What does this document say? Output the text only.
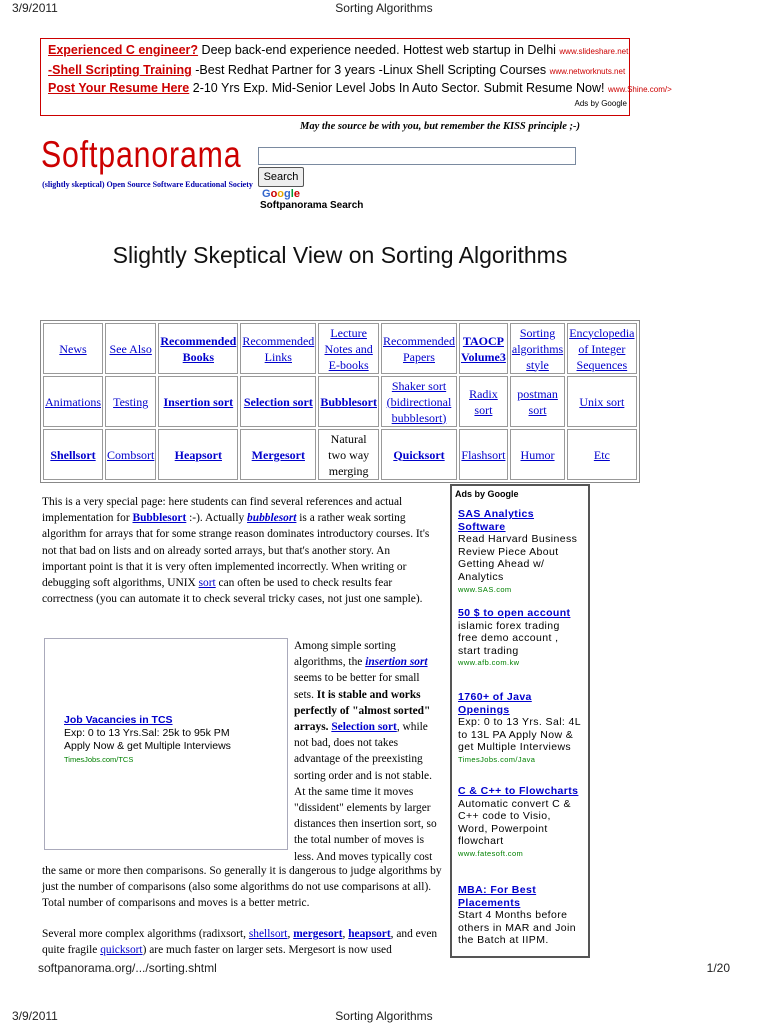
3/9/2011	Sorting Algorithms
Experienced C engineer? Deep back-end experience needed. Hottest web startup in Delhi www.slideshare.net
-Shell Scripting Training -Best Redhat Partner for 3 years -Linux Shell Scripting Courses www.networknuts.net
Post Your Resume Here 2-10 Yrs Exp. Mid-Senior Level Jobs In Auto Sector. Submit Resume Now! www.Shine.com/>
Ads by Google
May the source be with you, but remember the KISS principle ;-)
Softpanorama
(slightly skeptical) Open Source Software Educational Society
Search
Google
Softpanorama Search
Slightly Skeptical View on Sorting Algorithms
News	See Also	Recommended Books	Recommended Links	Lecture Notes and E-books	Recommended Papers	TAOCP Volume3	Sorting algorithms style	Encyclopedia of Integer Sequences
Animations	Testing	Insertion sort	Selection sort	Bubblesort	Shaker sort (bidirectional bubblesort)	Radix sort	postman sort	Unix sort
Shellsort	Combsort	Heapsort	Mergesort	Natural two way merging	Quicksort	Flashsort	Humor	Etc
This is a very special page: here students can find several references and actual implementation for Bubblesort :-). Actually bubblesort is a rather weak sorting algorithm for arrays that for some strange reason dominates introductory courses. It's not that bad on lists and on already sorted arrays, but that's another story. An important point is that it is very often implemented incorrectly. When writing or debugging soft algorithms, UNIX sort can often be used to check results fear correctness (you can automate it to check several tricky cases, not just one sample).
Job Vacancies in TCS
Exp: 0 to 13 Yrs.Sal: 25k to 95k PM
Apply Now & get Multiple Interviews
TimesJobs.com/TCS
Among simple sorting algorithms, the insertion sort seems to be better for small sets. It is stable and works perfectly of "almost sorted" arrays. Selection sort, while not bad, does not takes advantage of the preexisting sorting order and is not stable. At the same time it moves "dissident" elements by larger distances then insertion sort, so the total number of moves is less. And moves typically cost
the same or more then comparisons. So generally it is dangerous to judge algorithms by just the number of comparisons (also some algorithms do not use comparisons at all). Total number of comparisons and moves is a better metric.
Several more complex algorithms (radixsort, shellsort, mergesort, heapsort, and even quite fragile quicksort) are much faster on larger sets. Mergesort is now used
Ads by Google
SAS Analytics Software
Read Harvard Business Review Piece About Getting Ahead w/ Analytics
www.SAS.com
50 $ to open account
islamic forex trading free demo account , start trading
www.afb.com.kw
1760+ of Java Openings
Exp: 0 to 13 Yrs. Sal: 4L to 13L PA Apply Now & get Multiple Interviews
TimesJobs.com/Java
C & C++ to Flowcharts
Automatic convert C & C++ code to Visio, Word, Powerpoint flowchart
www.fatesoft.com
MBA: For Best Placements
Start 4 Months before others in MAR and Join the Batch at IIPM.
softpanorama.org/.../sorting.shtml	1/20
3/9/2011	Sorting Algorithms
